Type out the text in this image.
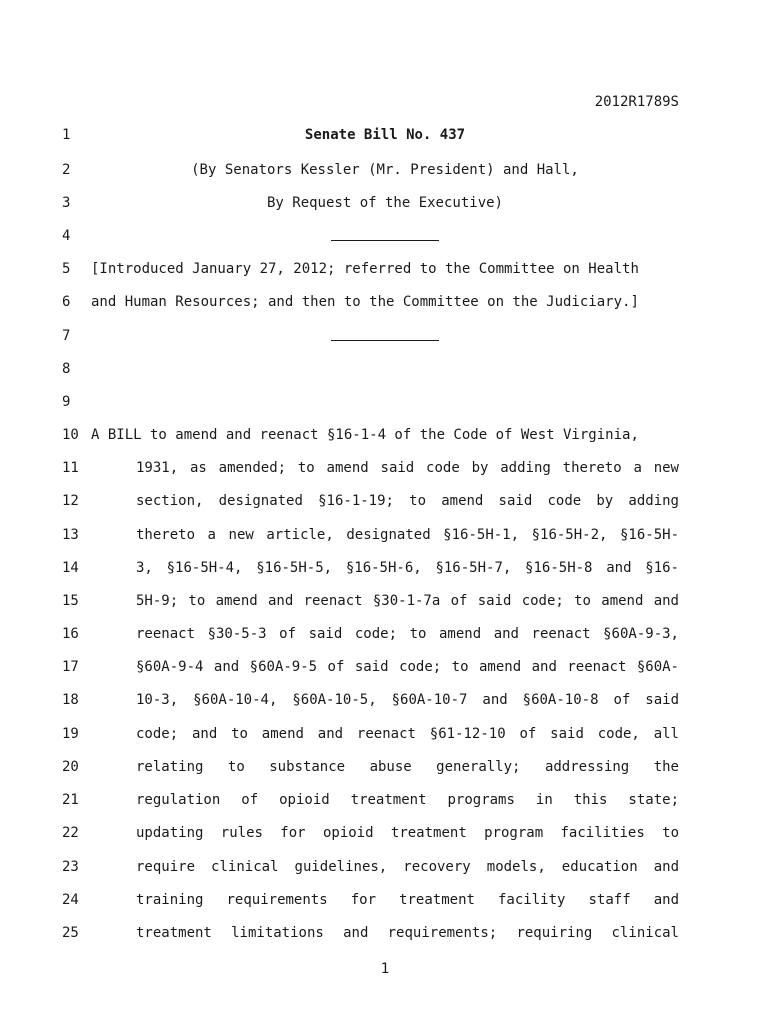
2012R1789S
1	Senate Bill No. 437
2	(By Senators Kessler (Mr. President) and Hall,
3	By Request of the Executive)
4
5	[Introduced January 27, 2012; referred to the Committee on Health
6	and Human Resources; and then to the Committee on the Judiciary.]
7
8
9
10 A BILL to amend and reenact §16-1-4 of the Code of West Virginia,
11	1931, as amended; to amend said code by adding thereto a new
12	section, designated §16-1-19; to amend said code by adding
13	thereto a new article, designated §16-5H-1, §16-5H-2, §16-5H-
14	3, §16-5H-4, §16-5H-5, §16-5H-6, §16-5H-7, §16-5H-8 and §16-
15	5H-9; to amend and reenact §30-1-7a of said code; to amend and
16	reenact §30-5-3 of said code; to amend and reenact §60A-9-3,
17	§60A-9-4 and §60A-9-5 of said code; to amend and reenact §60A-
18	10-3, §60A-10-4, §60A-10-5, §60A-10-7 and §60A-10-8 of said
19	code; and to amend and reenact §61-12-10 of said code, all
20	relating to substance abuse generally; addressing the
21	regulation of opioid treatment programs in this state;
22	updating rules for opioid treatment program facilities to
23	require clinical guidelines, recovery models, education and
24	training requirements for treatment facility staff and
25	treatment limitations and requirements; requiring clinical
1
